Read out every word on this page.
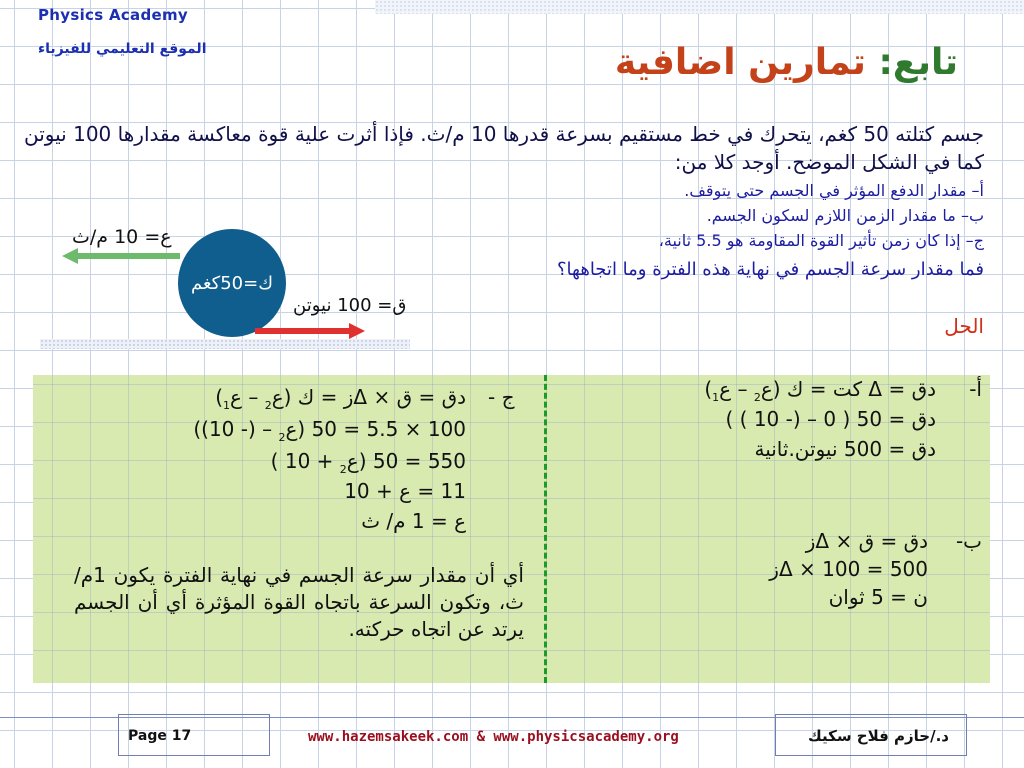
Physics Academy
الموقع التعليمي للفيزياء	تابع: تمارين اضافية
جسم كتلته 50 كغم، يتحرك في خط مستقيم بسرعة قدرها 10 م/ث. فإذا أثرت علية قوة معاكسة مقدارها 100 نيوتن كما في الشكل الموضح. أوجد كلا من:
أ– مقدار الدفع المؤثر في الجسم حتى يتوقف.
ب– ما مقدار الزمن اللازم لسكون الجسم.
ج– إذا كان زمن تأثير القوة المقاومة هو 5.5 ثانية،
فما مقدار سرعة الجسم في نهاية هذه الفترة وما اتجاهها؟
ع= 10 م/ث
ك=50كغم
ق= 100 نيوتن
الحل
أ-
دق = Δ كت = ك (ع$_2$ – ع$_1$)
دق = 50 ( 0 – (- 10 ) )
دق = 500 نيوتن.ثانية
ب-
دق = ق × Δز
500 = 100 × Δز
ن = 5 ثوان
ج -
دق = ق × Δز = ك (ع$_2$ – ع$_1$)
100 × 5.5 = 50 (ع$_2$ – (- 10))
550 = 50 (ع$_2$ + 10 )
11 = ع + 10
ع = 1 م/ ث
أي أن مقدار سرعة الجسم في نهاية الفترة يكون 1م/ث، وتكون السرعة باتجاه القوة المؤثرة أي أن الجسم يرتد عن اتجاه حركته.
Page 17	www.hazemsakeek.com & www.physicsacademy.org	د./حازم فلاح سكيك
